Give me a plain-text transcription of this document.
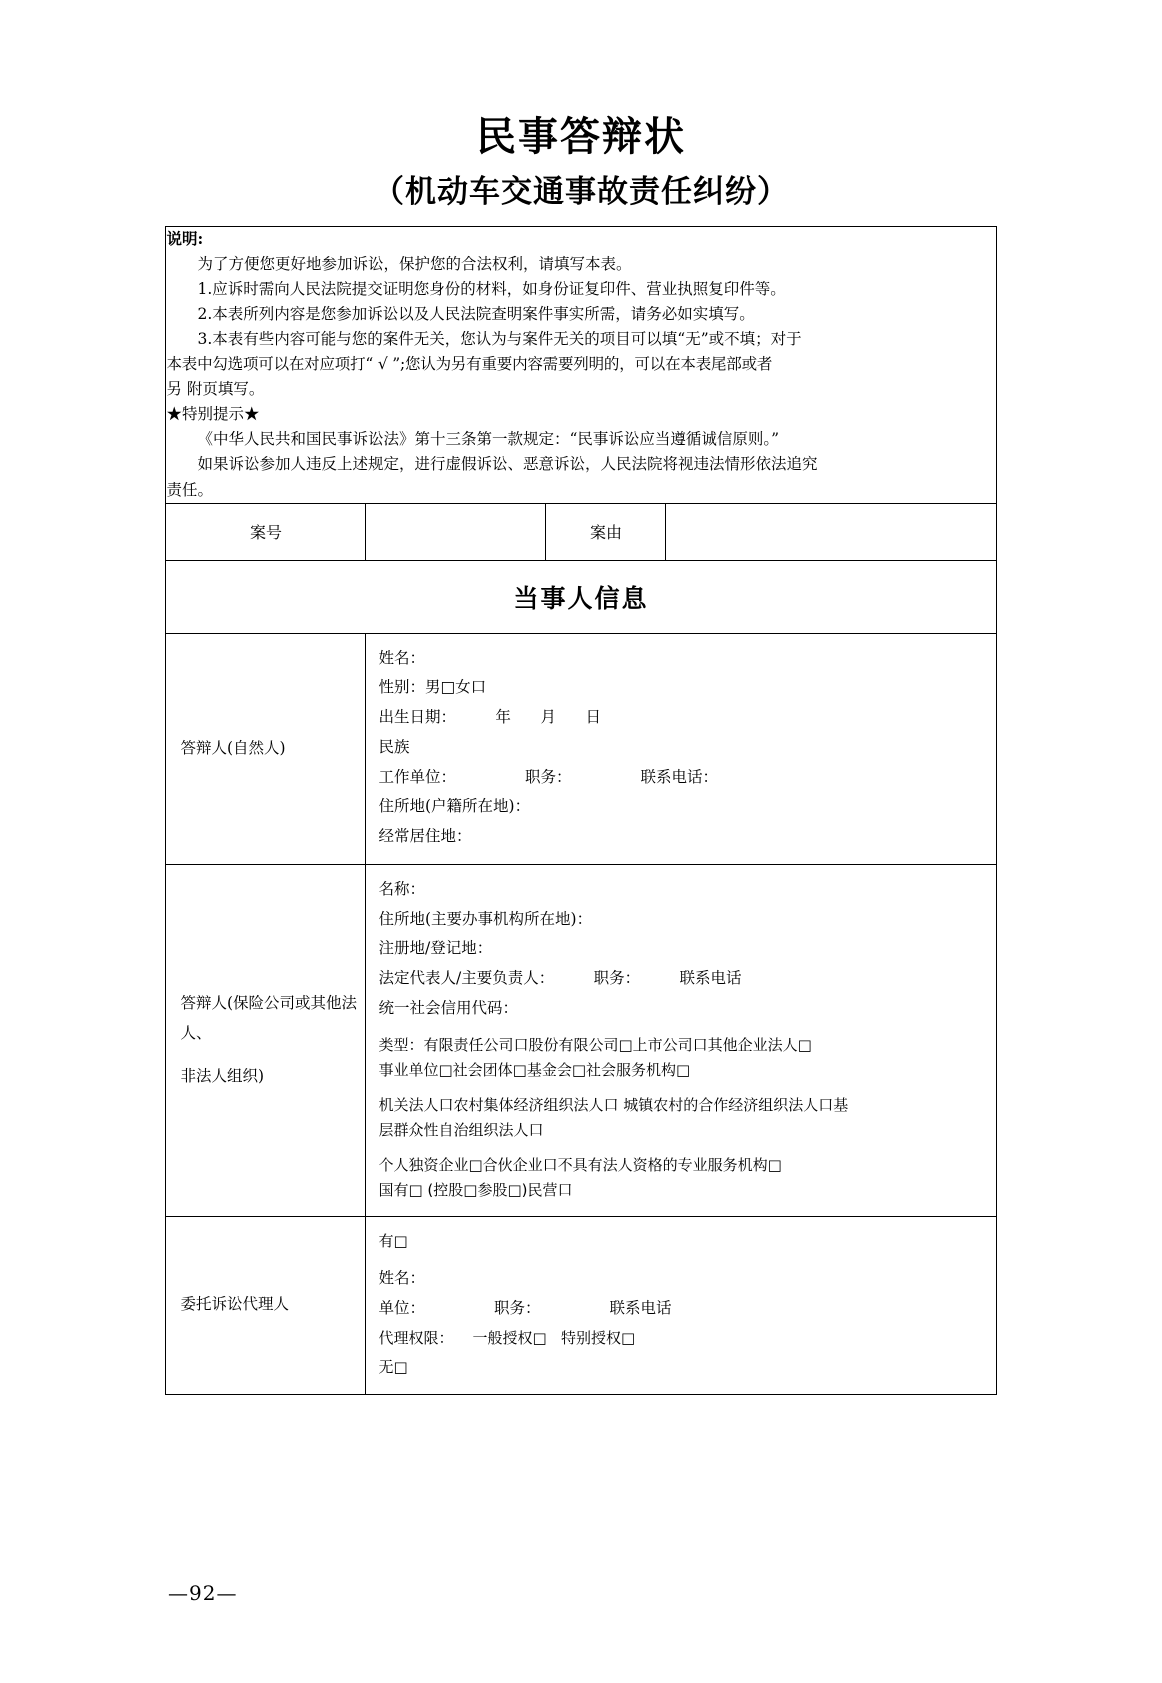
民事答辩状
（机动车交通事故责任纠纷）
说明:
为了方便您更好地参加诉讼，保护您的合法权利，请填写本表。
1.应诉时需向人民法院提交证明您身份的材料，如身份证复印件、营业执照复印件等。
2.本表所列内容是您参加诉讼以及人民法院查明案件事实所需，请务必如实填写。
3.本表有些内容可能与您的案件无关，您认为与案件无关的项目可以填“无”或不填；对于
本表中勾选项可以在对应项打“ √ ”;您认为另有重要内容需要列明的，可以在本表尾部或者
另 附页填写。
★特别提示★
《中华人民共和国民事诉讼法》第十三条第一款规定：“民事诉讼应当遵循诚信原则。”
如果诉讼参加人违反上述规定，进行虚假诉讼、恶意诉讼，人民法院将视违法情形依法追究
责任。

案号		案由	
当事人信息			
答辩人(自然人)	
姓名：
性别：男□女口
出生日期：        年      月      日
民族
工作单位：              职务：              联系电话：
住所地(户籍所在地)：
经常居住地：

答辩人(保险公司或其他法人、
非法人组织)

名称：
住所地(主要办事机构所在地)：
注册地/登记地：
法定代表人/主要负责人：        职务：        联系电话
统一社会信用代码：
类型：有限责任公司口股份有限公司□上市公司口其他企业法人□
事业单位□社会团体□基金会□社会服务机构□
机关法人口农村集体经济组织法人口 城镇农村的合作经济组织法人口基
层群众性自治组织法人口
个人独资企业□合伙企业口不具有法人资格的专业服务机构□
国有□ (控股□参股□)民营口

委托诉讼代理人	有□
姓名：
单位：              职务：              联系电话
代理权限：    一般授权□   特别授权□
无□		
—92—
